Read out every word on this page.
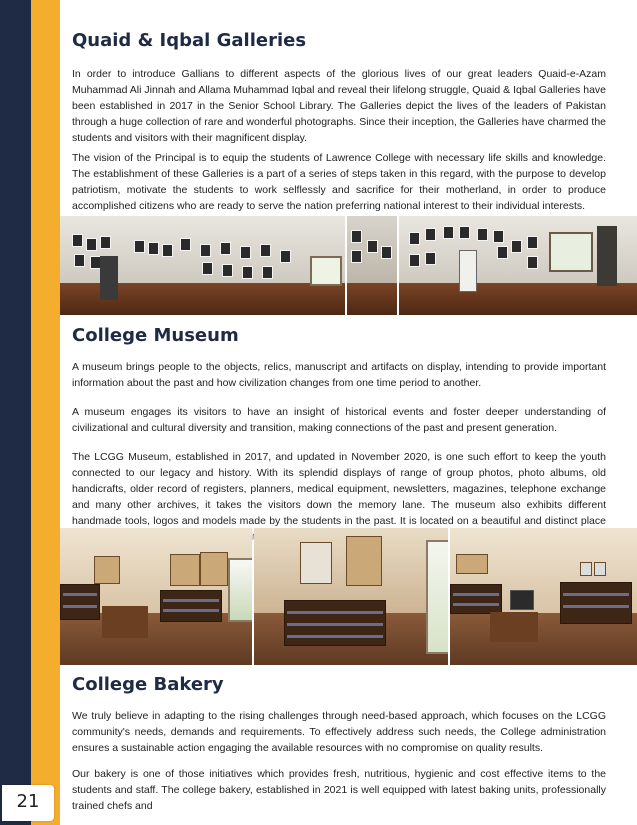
Quaid & Iqbal Galleries

In order to introduce Gallians to different aspects of the glorious lives of our great leaders Quaid-e-Azam Muhammad Ali Jinnah and Allama Muhammad Iqbal and reveal their lifelong struggle, Quaid & Iqbal Galleries have been established in 2017 in the Senior School Library. The Galleries depict the lives of the leaders of Pakistan through a huge collection of rare and wonderful photographs. Since their inception, the Galleries have charmed the students and visitors with their magnificent display.

The vision of the Principal is to equip the students of Lawrence College with necessary life skills and knowledge. The establishment of these Galleries is a part of a series of steps taken in this regard, with the purpose to develop patriotism, motivate the students to work selflessly and sacrifice for their motherland, in order to produce accomplished citizens who are ready to serve the nation preferring national interest to their individual interests.

College Museum

A museum brings people to the objects, relics, manuscript and artifacts on display, intending to provide important information about the past and how civilization changes from one time period to another.

A museum engages its visitors to have an insight of historical events and foster deeper understanding of civilizational and cultural diversity and transition, making connections of the past and present generation.

The LCGG Museum, established in 2017, and updated in November 2020, is one such effort to keep the youth connected to our legacy and history. With its splendid displays of range of group photos, photo albums, old handicrafts, older record of registers, planners, medical equipment, newsletters, magazines, telephone exchange and many other archives, it takes the visitors down the memory lane. The museum also exhibits different handmade tools, logos and models made by the students in the past. It is located on a beautiful and distinct place

College Bakery

We truly believe in adapting to the rising challenges through need-based approach, which focuses on the LCGG community's needs, demands and requirements. To effectively address such needs, the College administration ensures a sustainable action engaging the available resources with no compromise on quality results.

Our bakery is one of those initiatives which provides fresh, nutritious, hygienic and cost effective items to the students and staff. The college bakery, established in 2021 is well equipped with latest baking units, professionally trained chefs and

21
